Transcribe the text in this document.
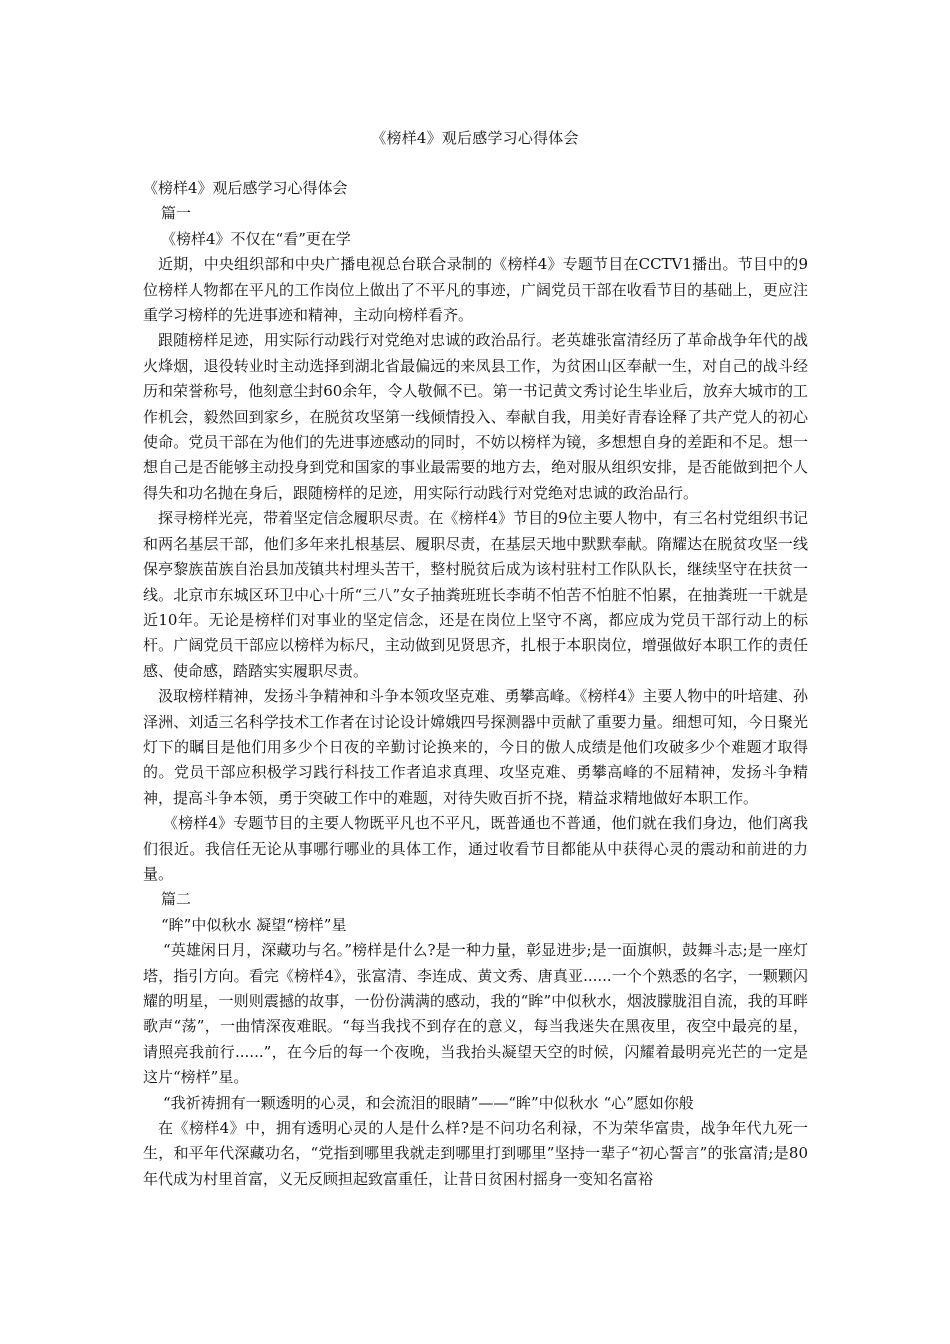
《榜样4》观后感学习心得体会

《榜样4》观后感学习心得体会

篇一

《榜样4》不仅在“看”更在学

近期，中央组织部和中央广播电视总台联合录制的《榜样4》专题节目在CCTV1播出。节目中的9位榜样人物都在平凡的工作岗位上做出了不平凡的事迹，广阔党员干部在收看节目的基础上，更应注重学习榜样的先进事迹和精神，主动向榜样看齐。

跟随榜样足迹，用实际行动践行对党绝对忠诚的政治品行。老英雄张富清经历了革命战争年代的战火烽烟，退役转业时主动选择到湖北省最偏远的来凤县工作，为贫困山区奉献一生，对自己的战斗经历和荣誉称号，他刻意尘封60余年，令人敬佩不已。第一书记黄文秀讨论生毕业后，放弃大城市的工作机会，毅然回到家乡，在脱贫攻坚第一线倾情投入、奉献自我，用美好青春诠释了共产党人的初心使命。党员干部在为他们的先进事迹感动的同时，不妨以榜样为镜，多想想自身的差距和不足。想一想自己是否能够主动投身到党和国家的事业最需要的地方去，绝对服从组织安排，是否能做到把个人得失和功名抛在身后，跟随榜样的足迹，用实际行动践行对党绝对忠诚的政治品行。

探寻榜样光亮，带着坚定信念履职尽责。在《榜样4》节目的9位主要人物中，有三名村党组织书记和两名基层干部，他们多年来扎根基层、履职尽责，在基层天地中默默奉献。隋耀达在脱贫攻坚一线保亭黎族苗族自治县加茂镇共村埋头苦干，整村脱贫后成为该村驻村工作队队长，继续坚守在扶贫一线。北京市东城区环卫中心十所“三八”女子抽粪班班长李萌不怕苦不怕脏不怕累，在抽粪班一干就是近10年。无论是榜样们对事业的坚定信念，还是在岗位上坚守不离，都应成为党员干部行动上的标杆。广阔党员干部应以榜样为标尺，主动做到见贤思齐，扎根于本职岗位，增强做好本职工作的责任感、使命感，踏踏实实履职尽责。

汲取榜样精神，发扬斗争精神和斗争本领攻坚克难、勇攀高峰。《榜样4》主要人物中的叶培建、孙泽洲、刘适三名科学技术工作者在讨论设计嫦娥四号探测器中贡献了重要力量。细想可知，今日聚光灯下的瞩目是他们用多少个日夜的辛勤讨论换来的，今日的傲人成绩是他们攻破多少个难题才取得的。党员干部应积极学习践行科技工作者追求真理、攻坚克难、勇攀高峰的不屈精神，发扬斗争精神，提高斗争本领，勇于突破工作中的难题，对待失败百折不挠，精益求精地做好本职工作。

《榜样4》专题节目的主要人物既平凡也不平凡，既普通也不普通，他们就在我们身边，他们离我们很近。我信任无论从事哪行哪业的具体工作，通过收看节目都能从中获得心灵的震动和前进的力量。

篇二

“眸”中似秋水 凝望“榜样”星

“英雄闲日月，深藏功与名。”榜样是什么?是一种力量，彰显进步;是一面旗帜，鼓舞斗志;是一座灯塔，指引方向。看完《榜样4》，张富清、李连成、黄文秀、唐真亚......一个个熟悉的名字，一颗颗闪耀的明星，一则则震撼的故事，一份份满满的感动，我的“眸”中似秋水，烟波朦胧泪自流，我的耳畔歌声“荡”，一曲情深夜难眠。“每当我找不到存在的意义，每当我迷失在黑夜里，夜空中最亮的星，请照亮我前行......”，在今后的每一个夜晚，当我抬头凝望天空的时候，闪耀着最明亮光芒的一定是这片“榜样”星。

“我祈祷拥有一颗透明的心灵，和会流泪的眼睛”——“眸”中似秋水 “心”愿如你般

在《榜样4》中，拥有透明心灵的人是什么样?是不问功名利禄，不为荣华富贵，战争年代九死一生，和平年代深藏功名，“党指到哪里我就走到哪里打到哪里”坚持一辈子“初心誓言”的张富清;是80年代成为村里首富，义无反顾担起致富重任，让昔日贫困村摇身一变知名富裕
